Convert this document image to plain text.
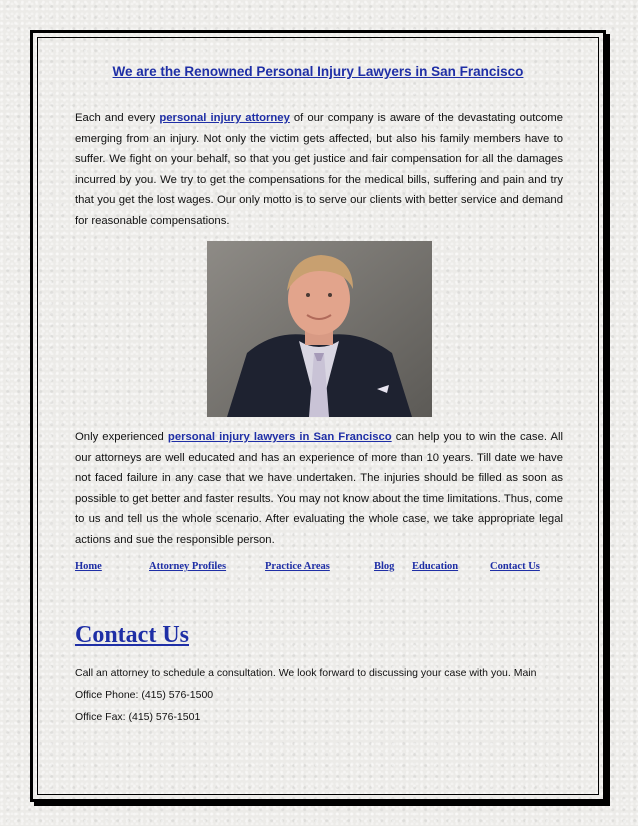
We are the Renowned Personal Injury Lawyers in San Francisco
Each and every personal injury attorney of our company is aware of the devastating outcome emerging from an injury. Not only the victim gets affected, but also his family members have to suffer. We fight on your behalf, so that you get justice and fair compensation for all the damages incurred by you. We try to get the compensations for the medical bills, suffering and pain and try that you get the lost wages. Our only motto is to serve our clients with better service and demand for reasonable compensations.
Only experienced personal injury lawyers in San Francisco can help you to win the case. All our attorneys are well educated and has an experience of more than 10 years. Till date we have not faced failure in any case that we have undertaken. The injuries should be filled as soon as possible to get better and faster results. You may not know about the time limitations. Thus, come to us and tell us the whole scenario. After evaluating the whole case, we take appropriate legal actions and sue the responsible person.
Home	Attorney Profiles	Practice Areas	Blog Education	Contact Us
Contact Us
Call an attorney to schedule a consultation. We look forward to discussing your case with you. Main
Office Phone: (415) 576-1500
Office Fax: (415) 576-1501
